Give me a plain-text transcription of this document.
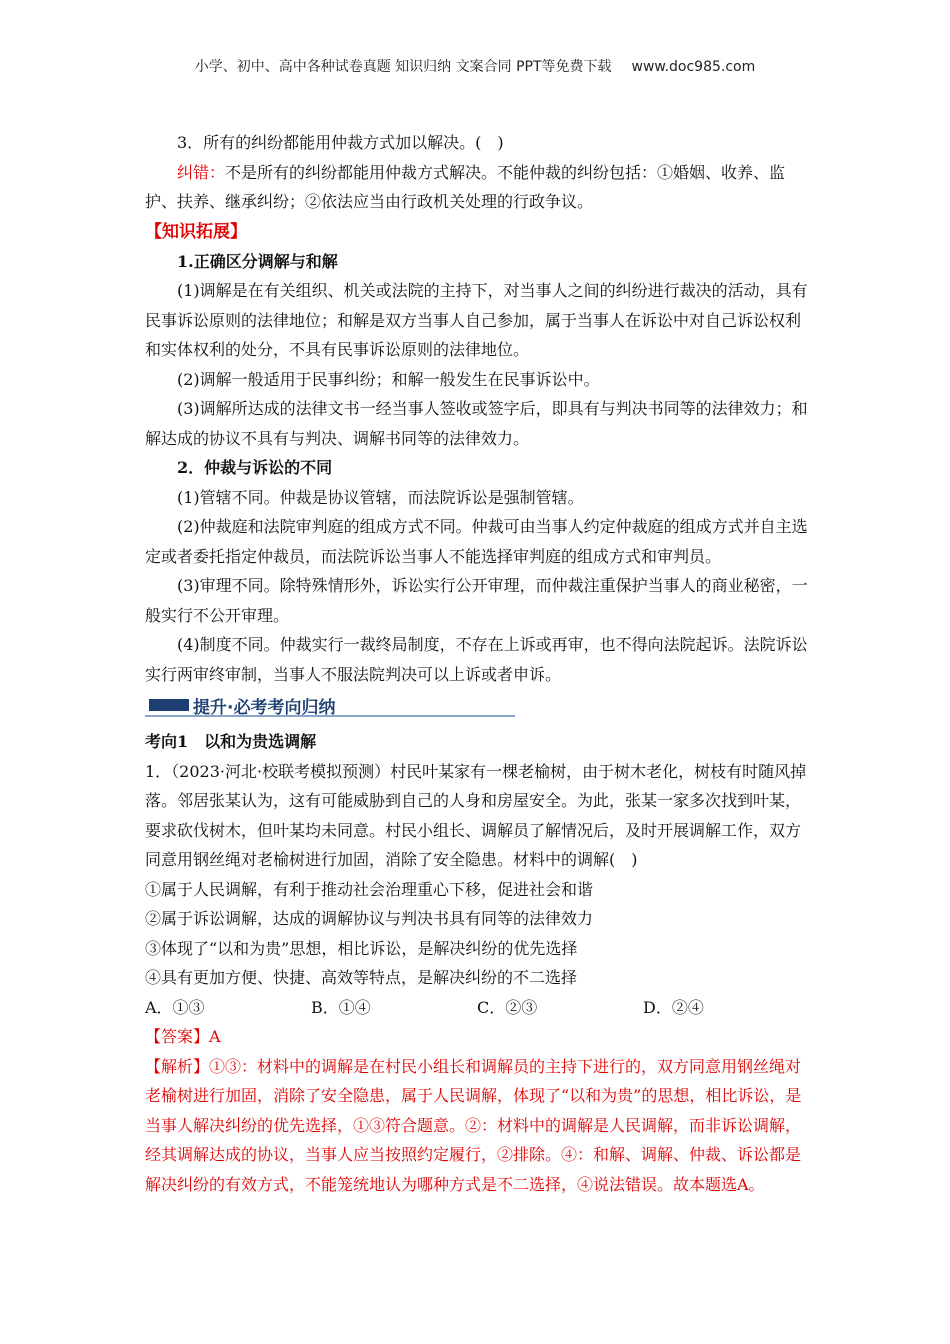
小学、初中、高中各种试卷真题 知识归纳 文案合同 PPT等免费下载 www.doc985.com

3．所有的纠纷都能用仲裁方式加以解决。(　)

纠错：不是所有的纠纷都能用仲裁方式解决。不能仲裁的纠纷包括：①婚姻、收养、监护、扶养、继承纠纷；②依法应当由行政机关处理的行政争议。

【知识拓展】

1.正确区分调解与和解

(1)调解是在有关组织、机关或法院的主持下，对当事人之间的纠纷进行裁决的活动，具有民事诉讼原则的法律地位；和解是双方当事人自己参加，属于当事人在诉讼中对自己诉讼权利和实体权利的处分，不具有民事诉讼原则的法律地位。

(2)调解一般适用于民事纠纷；和解一般发生在民事诉讼中。

(3)调解所达成的法律文书一经当事人签收或签字后，即具有与判决书同等的法律效力；和解达成的协议不具有与判决、调解书同等的法律效力。

2．仲裁与诉讼的不同

(1)管辖不同。仲裁是协议管辖，而法院诉讼是强制管辖。

(2)仲裁庭和法院审判庭的组成方式不同。仲裁可由当事人约定仲裁庭的组成方式并自主选定或者委托指定仲裁员，而法院诉讼当事人不能选择审判庭的组成方式和审判员。

(3)审理不同。除特殊情形外，诉讼实行公开审理，而仲裁注重保护当事人的商业秘密，一般实行不公开审理。

(4)制度不同。仲裁实行一裁终局制度，不存在上诉或再审，也不得向法院起诉。法院诉讼实行两审终审制，当事人不服法院判决可以上诉或者申诉。

提升·必考考向归纳

考向1　以和为贵选调解

1．（2023·河北·校联考模拟预测）村民叶某家有一棵老榆树，由于树木老化，树枝有时随风掉落。邻居张某认为，这有可能威胁到自己的人身和房屋安全。为此，张某一家多次找到叶某，要求砍伐树木，但叶某均未同意。村民小组长、调解员了解情况后，及时开展调解工作，双方同意用钢丝绳对老榆树进行加固，消除了安全隐患。材料中的调解(　)

①属于人民调解，有利于推动社会治理重心下移，促进社会和谐

②属于诉讼调解，达成的调解协议与判决书具有同等的法律效力

③体现了“以和为贵”思想，相比诉讼，是解决纠纷的优先选择

④具有更加方便、快捷、高效等特点，是解决纠纷的不二选择

A．①③	B．①④	C．②③	D．②④

【答案】A

【解析】①③：材料中的调解是在村民小组长和调解员的主持下进行的，双方同意用钢丝绳对老榆树进行加固，消除了安全隐患，属于人民调解，体现了“以和为贵”的思想，相比诉讼，是当事人解决纠纷的优先选择，①③符合题意。②：材料中的调解是人民调解，而非诉讼调解，经其调解达成的协议，当事人应当按照约定履行，②排除。④：和解、调解、仲裁、诉讼都是解决纠纷的有效方式，不能笼统地认为哪种方式是不二选择，④说法错误。故本题选A。
